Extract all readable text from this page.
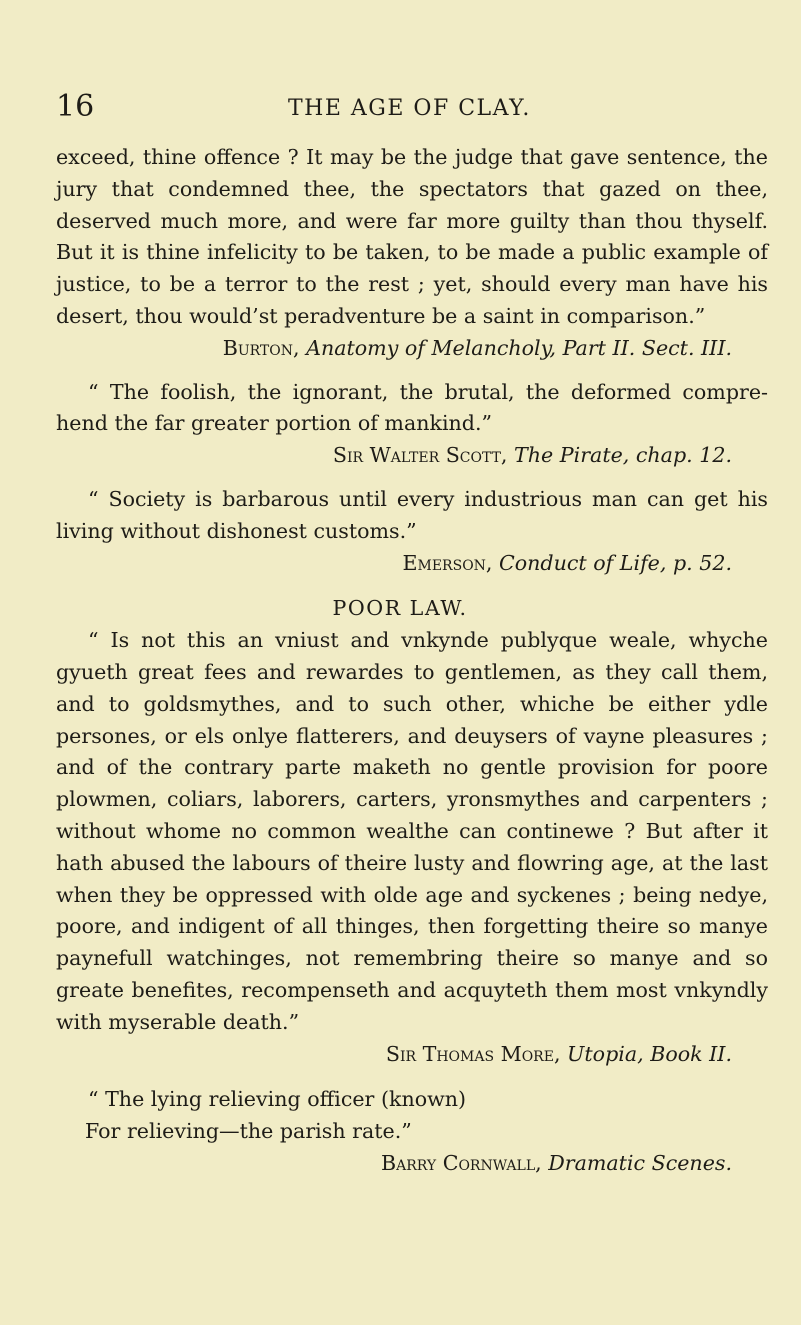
16	THE AGE OF CLAY.

exceed, thine offence ? It may be the judge that gave sentence, the jury that condemned thee, the spectators that gazed on thee, deserved much more, and were far more guilty than thou thyself. But it is thine infelicity to be taken, to be made a public example of justice, to be a terror to the rest ; yet, should every man have his desert, thou would’st peradventure be a saint in comparison.”

Burton, Anatomy of Melancholy, Part II. Sect. III.

“ The foolish, the ignorant, the brutal, the deformed compre-hend the far greater portion of mankind.”

Sir Walter Scott, The Pirate, chap. 12.

“ Society is barbarous until every industrious man can get his living without dishonest customs.”

Emerson, Conduct of Life, p. 52.

POOR LAW.

“ Is not this an vniust and vnkynde publyque weale, whyche gyueth great fees and rewardes to gentlemen, as they call them, and to goldsmythes, and to such other, whiche be either ydle persones, or els onlye flatterers, and deuysers of vayne pleasures ; and of the contrary parte maketh no gentle provision for poore plowmen, coliars, laborers, carters, yronsmythes and carpenters ; without whome no common wealthe can continewe ? But after it hath abused the labours of theire lusty and flowring age, at the last when they be oppressed with olde age and syckenes ; being nedye, poore, and indigent of all thinges, then forgetting theire so manye paynefull watchinges, not remembring theire so manye and so greate benefites, recompenseth and acquyteth them most vnkyndly with myserable death.”

Sir Thomas More, Utopia, Book II.

“ The lying relieving officer (known)
For relieving—the parish rate.”

Barry Cornwall, Dramatic Scenes.
